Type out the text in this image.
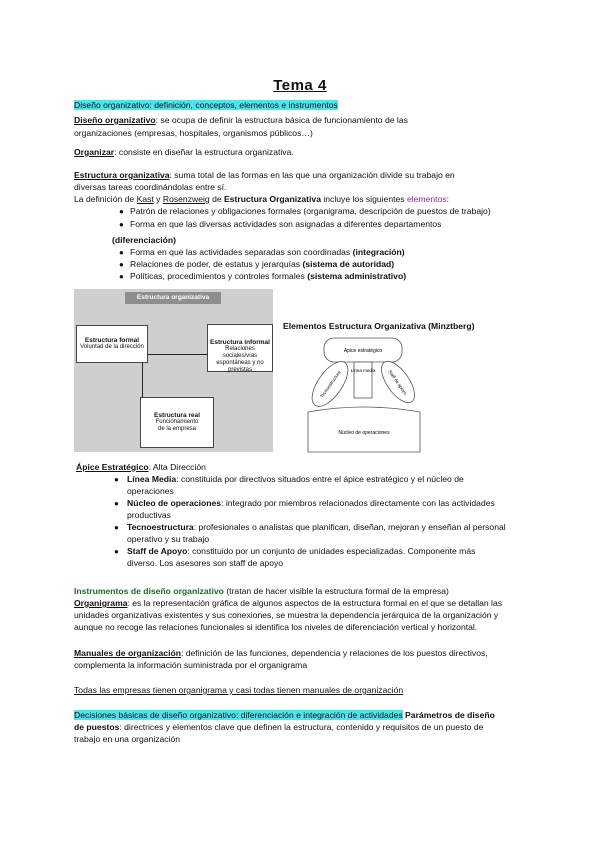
Tema 4
Diseño organizativo: definición, conceptos, elementos e instrumentos
Diseño organizativo: se ocupa de definir la estructura básica de funcionamiento de las
organizaciones (empresas, hospitales, organismos públicos…)
Organizar: consiste en diseñar la estructura organizativa.
Estructura organizativa: suma total de las formas en las que una organización divide su trabajo en
diversas tareas coordinándolas entre sí.
La definición de Kast y Rosenzweig de Estructura Organizativa incluye los siguientes elementos:
● Patrón de relaciones y obligaciones formales (organigrama, descripción de puestos de trabajo)
● Forma en que las diversas actividades son asignadas a diferentes departamentos
(diferenciación)
● Forma en que las actividades separadas son coordinadas (integración)
● Relaciones de poder, de estatus y jerarquías (sistema de autoridad)
● Políticas, procedimientos y controles formales (sistema administrativo)
Estructura organizativa
Estructura formal
Voluntad de la dirección
Estructura informal
Relaciones sociales/vías espontáneas y no previstas
Estructura real
Funcionamiento de la empresa
Elementos Estructura Organizativa (Minztberg)
Ápice estratégico
Línea media
Tecnoestructura	Staff de apoyo
Núcleo de operaciones
Ápice Estratégico: Alta Dirección
● Línea Media: constituida por directivos situados entre el ápice estratégico y el núcleo de
operaciones
● Núcleo de operaciones: integrado por miembros relacionados directamente con las actividades
productivas
● Tecnoestructura: profesionales o analistas que planifican, diseñan, mejoran y enseñan al personal
operativo y su trabajo
● Staff de Apoyo: constituido por un conjunto de unidades especializadas. Componente más
diverso. Los asesores son staff de apoyo
Instrumentos de diseño organizativo (tratan de hacer visible la estructura formal de la empresa)
Organigrama: es la representación gráfica de algunos aspectos de la estructura formal en el que se detallan las
unidades organizativas existentes y sus conexiones, se muestra la dependencia jerárquica de la organización y
aunque no recoge las relaciones funcionales si identifica los niveles de diferenciación vertical y horizontal.
Manuales de organización: definición de las funciones, dependencia y relaciones de los puestos directivos,
complementa la información suministrada por el organigrama
Todas las empresas tienen organigrama y casi todas tienen manuales de organización
Decisiones básicas de diseño organizativo: diferenciación e integración de actividades Parámetros de diseño
de puestos: directrices y elementos clave que definen la estructura, contenido y requisitos de un puesto de
trabajo en una organización
